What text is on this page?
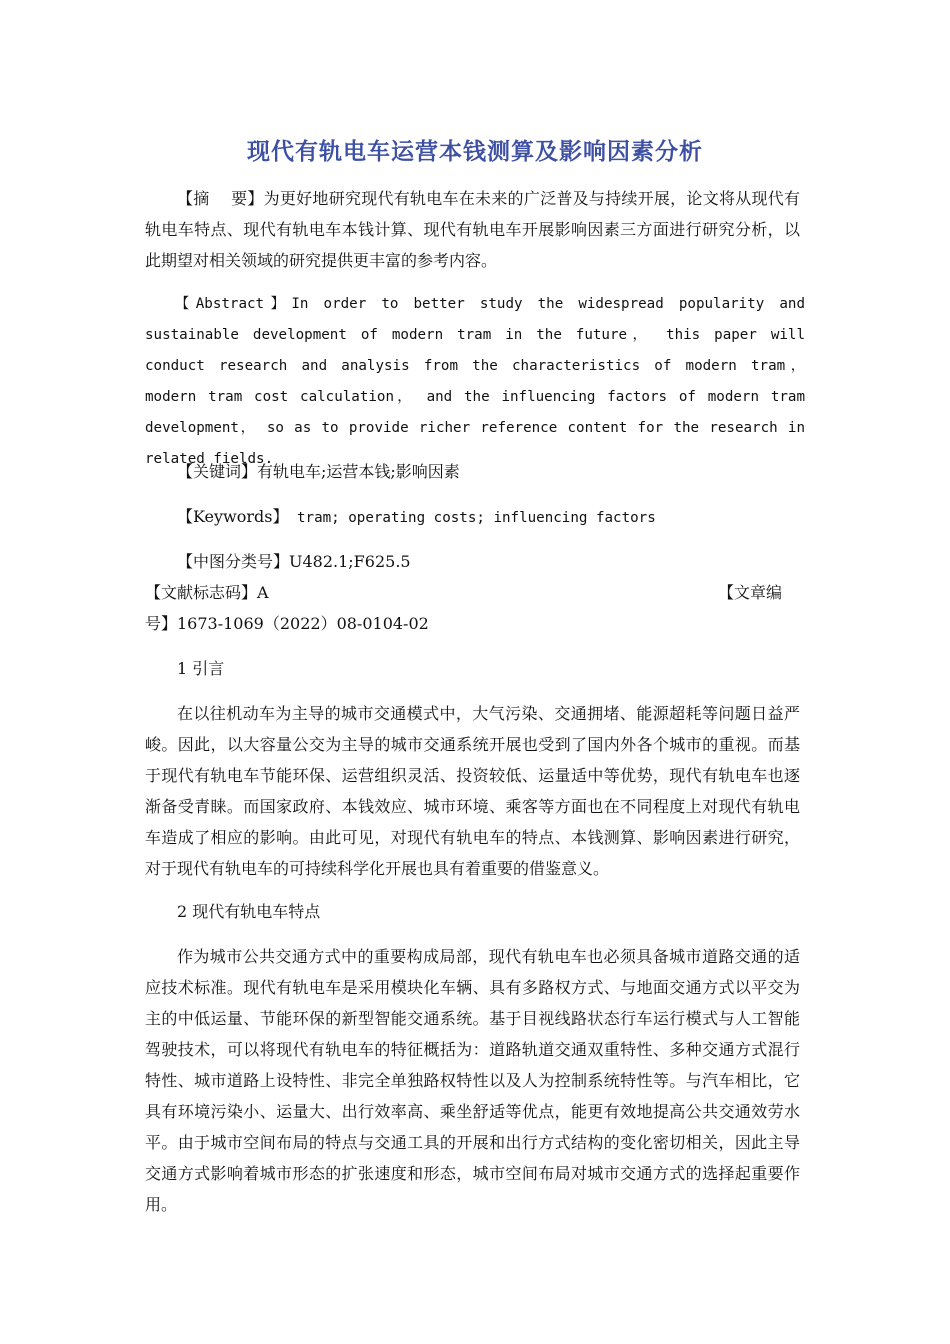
现代有轨电车运营本钱测算及影响因素分析
【摘　 要】为更好地研究现代有轨电车在未来的广泛普及与持续开展，论文将从现代有轨电车特点、现代有轨电车本钱计算、现代有轨电车开展影响因素三方面进行研究分析，以此期望对相关领域的研究提供更丰富的参考内容。
【Abstract】In order to better study the widespread popularity and sustainable development of modern tram in the future， this paper will conduct research and analysis from the characteristics of modern tram， modern tram cost calculation， and the influencing factors of modern tram development， so as to provide richer reference content for the research in related fields.
【关键词】有轨电车;运营本钱;影响因素
【Keywords】 tram; operating costs; influencing factors
【中图分类号】U482.1;F625.5
【文献标志码】A	【文章编
号】1673-1069（2022）08-0104-02
1 引言
在以往机动车为主导的城市交通模式中，大气污染、交通拥堵、能源超耗等问题日益严峻。因此，以大容量公交为主导的城市交通系统开展也受到了国内外各个城市的重视。而基于现代有轨电车节能环保、运营组织灵活、投资较低、运量适中等优势，现代有轨电车也逐渐备受青睐。而国家政府、本钱效应、城市环境、乘客等方面也在不同程度上对现代有轨电车造成了相应的影响。由此可见，对现代有轨电车的特点、本钱测算、影响因素进行研究，对于现代有轨电车的可持续科学化开展也具有着重要的借鉴意义。
2 现代有轨电车特点
作为城市公共交通方式中的重要构成局部，现代有轨电车也必须具备城市道路交通的适应技术标准。现代有轨电车是采用模块化车辆、具有多路权方式、与地面交通方式以平交为主的中低运量、节能环保的新型智能交通系统。基于目视线路状态行车运行模式与人工智能驾驶技术，可以将现代有轨电车的特征概括为：道路轨道交通双重特性、多种交通方式混行特性、城市道路上设特性、非完全单独路权特性以及人为控制系统特性等。与汽车相比，它具有环境污染小、运量大、出行效率高、乘坐舒适等优点，能更有效地提高公共交通效劳水平。由于城市空间布局的特点与交通工具的开展和出行方式结构的变化密切相关，因此主导交通方式影响着城市形态的扩张速度和形态，城市空间布局对城市交通方式的选择起重要作用。
